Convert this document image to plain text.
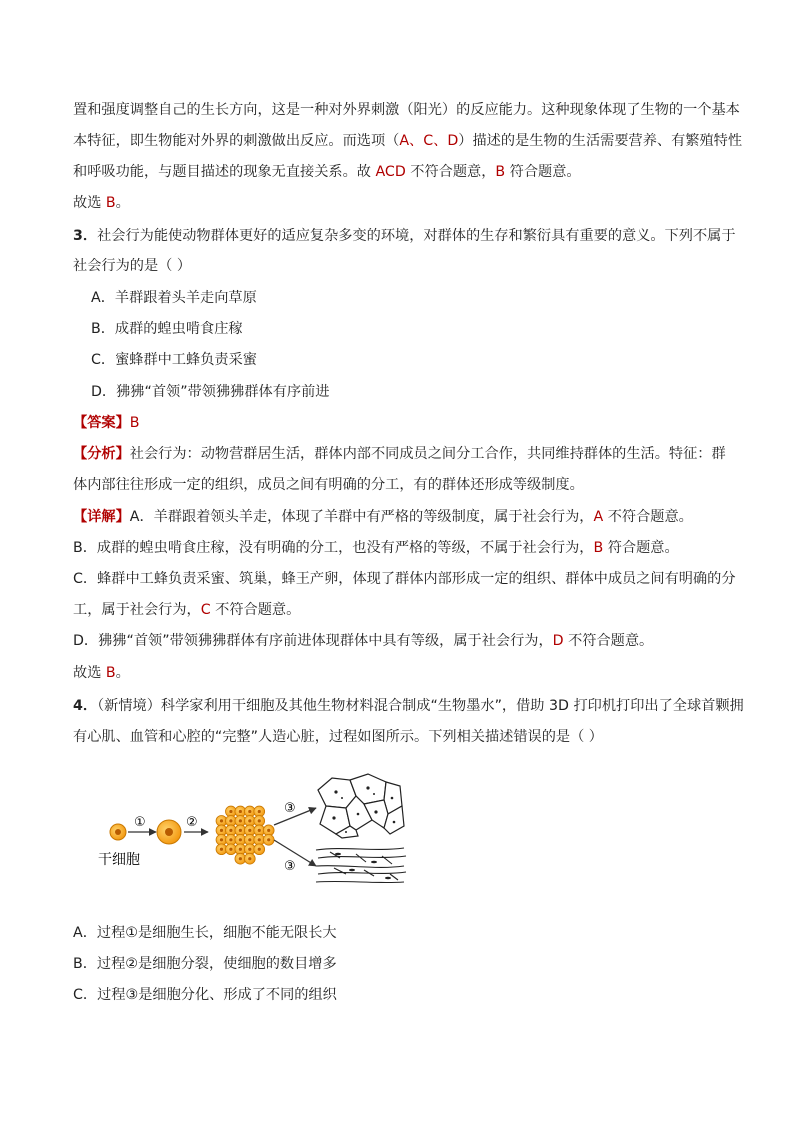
置和强度调整自己的生长方向，这是一种对外界刺激（阳光）的反应能力。这种现象体现了生物的一个基本
本特征，即生物能对外界的刺激做出反应。而选项（A、C、D）描述的是生物的生活需要营养、有繁殖特性
和呼吸功能，与题目描述的现象无直接关系。故 ACD 不符合题意，B 符合题意。
故选 B。
3．社会行为能使动物群体更好的适应复杂多变的环境，对群体的生存和繁衍具有重要的意义。下列不属于
社会行为的是（ ）
A．羊群跟着头羊走向草原
B．成群的蝗虫啃食庄稼
C．蜜蜂群中工蜂负责采蜜
D．狒狒“首领”带领狒狒群体有序前进
【答案】B
【分析】社会行为：动物营群居生活，群体内部不同成员之间分工合作，共同维持群体的生活。特征：群
体内部往往形成一定的组织，成员之间有明确的分工，有的群体还形成等级制度。
【详解】A．羊群跟着领头羊走，体现了羊群中有严格的等级制度，属于社会行为，A 不符合题意。
B．成群的蝗虫啃食庄稼，没有明确的分工，也没有严格的等级，不属于社会行为，B 符合题意。
C．蜂群中工蜂负责采蜜、筑巢，蜂王产卵，体现了群体内部形成一定的组织、群体中成员之间有明确的分
工，属于社会行为，C 不符合题意。
D．狒狒“首领”带领狒狒群体有序前进体现群体中具有等级，属于社会行为，D 不符合题意。
故选 B。
4．（新情境）科学家利用干细胞及其他生物材料混合制成“生物墨水”，借助 3D 打印机打印出了全球首颗拥
有心肌、血管和心腔的“完整”人造心脏，过程如图所示。下列相关描述错误的是（ ）
干细胞
①	②
③
③
A．过程①是细胞生长，细胞不能无限长大
B．过程②是细胞分裂，使细胞的数目增多
C．过程③是细胞分化、形成了不同的组织
